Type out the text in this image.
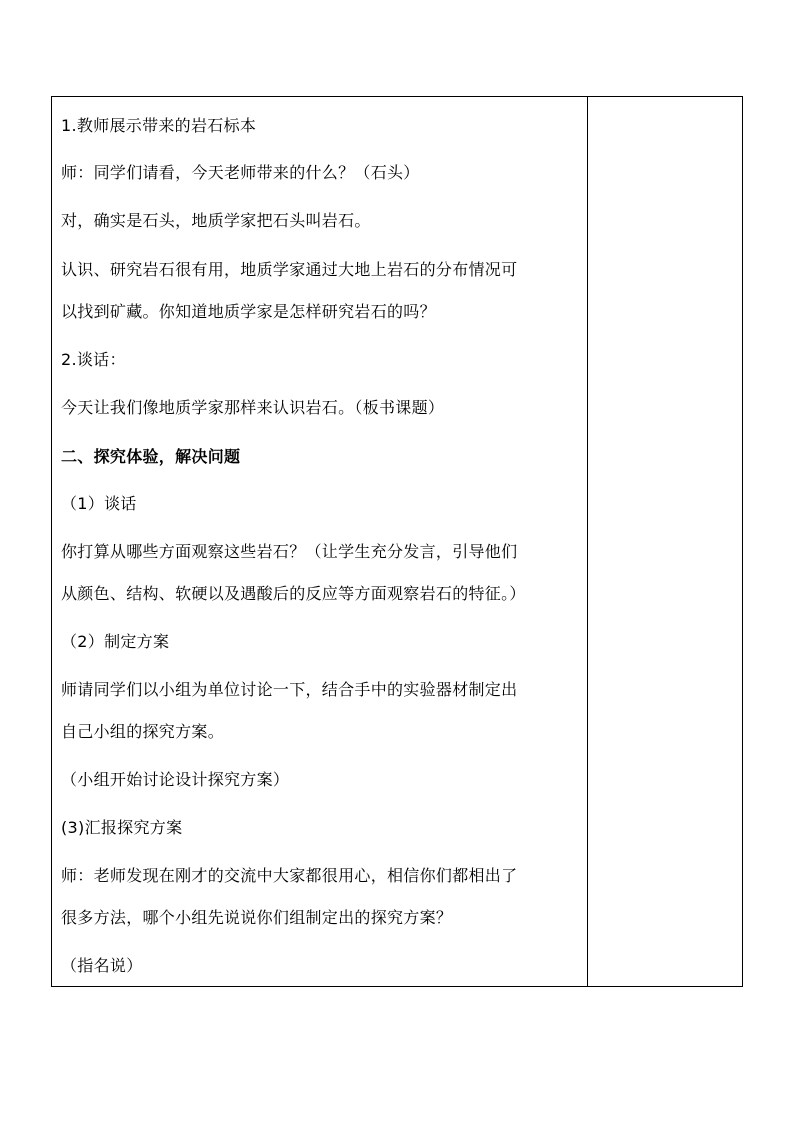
1.教师展示带来的岩石标本
师：同学们请看，今天老师带来的什么？（石头）
对，确实是石头，地质学家把石头叫岩石。
认识、研究岩石很有用，地质学家通过大地上岩石的分布情况可
以找到矿藏。你知道地质学家是怎样研究岩石的吗？
2.谈话：
今天让我们像地质学家那样来认识岩石。（板书课题）
二、探究体验，解决问题
（1）谈话
你打算从哪些方面观察这些岩石？（让学生充分发言，引导他们
从颜色、结构、软硬以及遇酸后的反应等方面观察岩石的特征。）
（2）制定方案
师请同学们以小组为单位讨论一下，结合手中的实验器材制定出
自己小组的探究方案。
（小组开始讨论设计探究方案）
(3)汇报探究方案
师：老师发现在刚才的交流中大家都很用心，相信你们都相出了
很多方法，哪个小组先说说你们组制定出的探究方案？
（指名说）
